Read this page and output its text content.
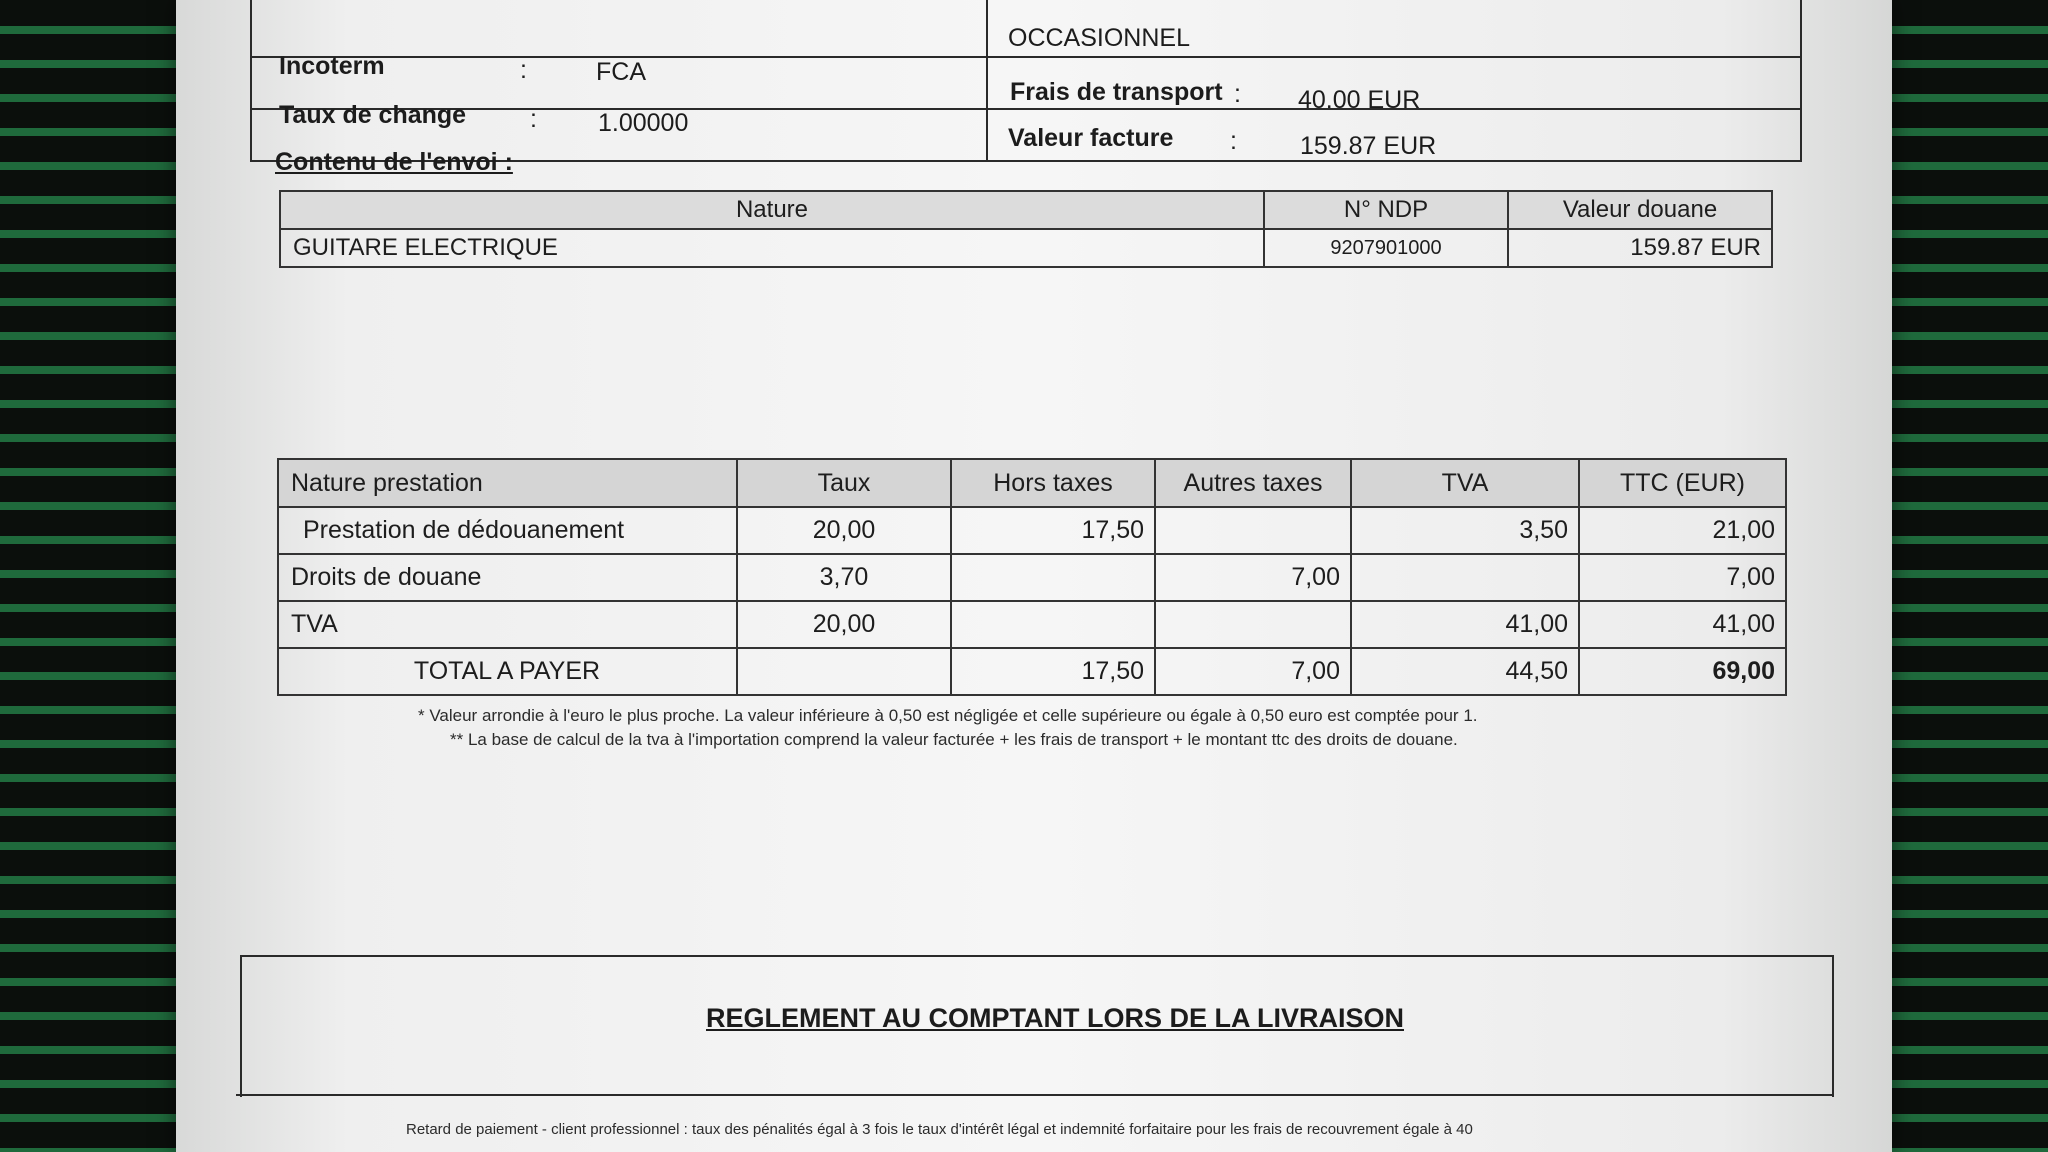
OCCASIONNEL
Incoterm	:	FCA
Taux de change	: 1.00000
Frais de transport : 40.00 EUR
Valeur facture :	159.87 EUR
Contenu de l'envoi :
Nature	N° NDP	Valeur douane
GUITARE ELECTRIQUE	9207901000	159.87 EUR
Nature prestation	Taux	Hors taxes	Autres taxes	TVA	TTC (EUR)
Prestation de dédouanement	20,00	17,50		3,50	21,00
Droits de douane	3,70		7,00		7,00
TVA	20,00			41,00	41,00
TOTAL A PAYER		17,50	7,00	44,50	69,00
* Valeur arrondie à l'euro le plus proche. La valeur inférieure à 0,50 est négligée et celle supérieure ou égale à 0,50 euro est comptée pour 1.
** La base de calcul de la tva à l'importation comprend la valeur facturée + les frais de transport + le montant ttc des droits de douane.
REGLEMENT AU COMPTANT LORS DE LA LIVRAISON
Retard de paiement - client professionnel : taux des pénalités égal à 3 fois le taux d'intérêt légal et indemnité forfaitaire pour les frais de recouvrement égale à 40
